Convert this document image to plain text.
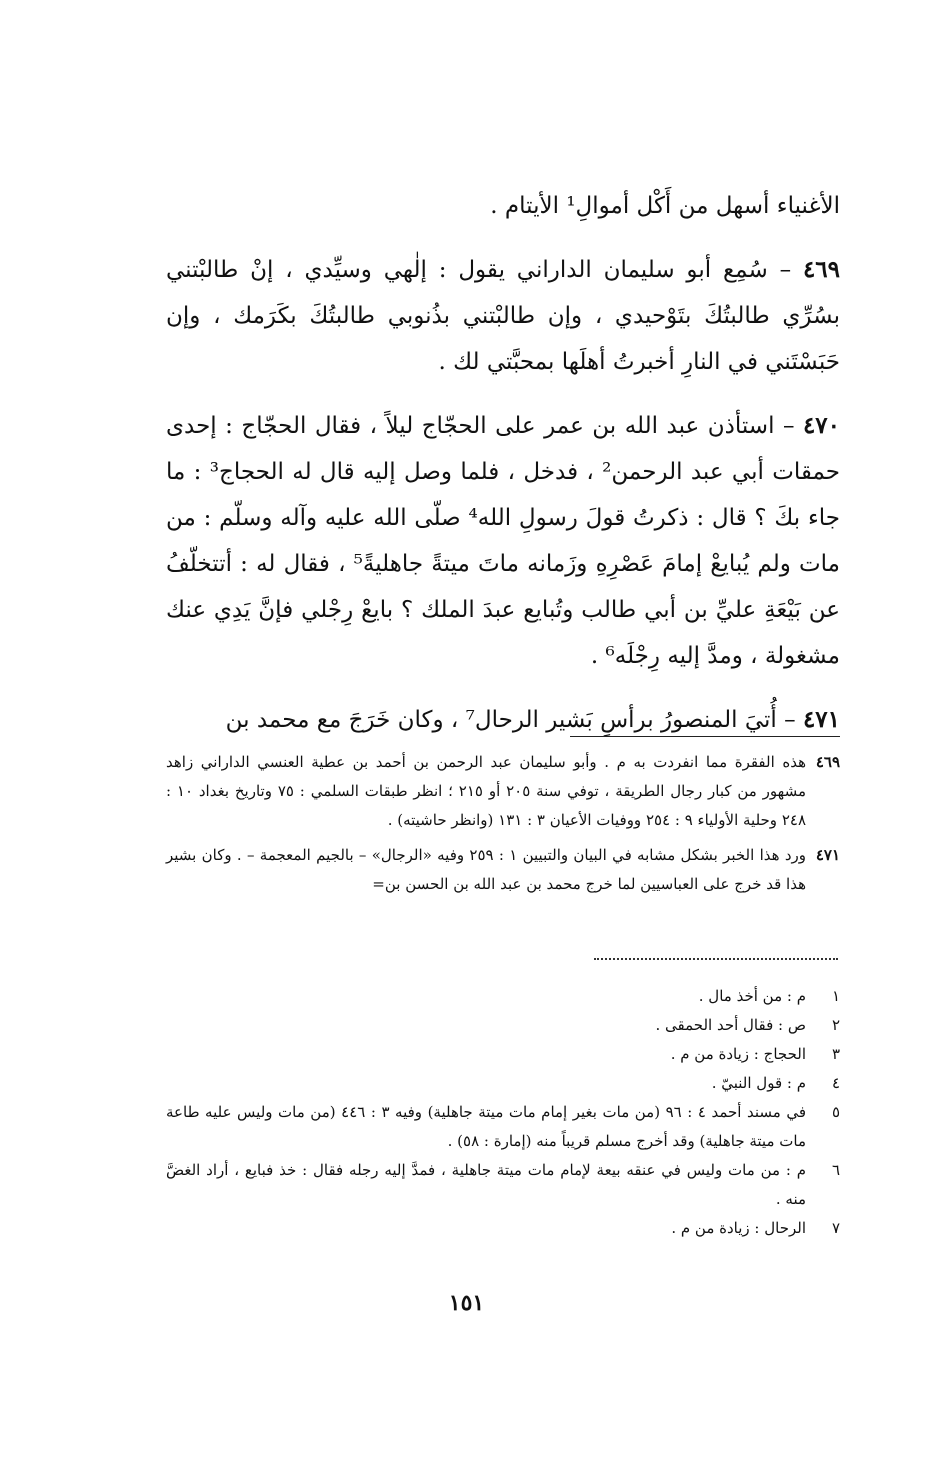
الأغنياء أسهل من أَكْل أموالِ¹ الأيتام .

٤٦٩ – سُمِع أبو سليمان الداراني يقول : إلٰهي وسيِّدي ، إنْ طالبْتني بسُرِّي طالبتُكَ بتَوْحيدي ، وإن طالبْتني بذُنوبي طالبتُكَ بكَرَمك ، وإن حَبَسْتَني في النارِ أخبرتُ أهلَها بمحبَّتي لك .

٤٧٠ – استأذن عبد الله بن عمر على الحجّاج ليلاً ، فقال الحجّاج : إحدى حمقات أبي عبد الرحمن² ، فدخل ، فلما وصل إليه قال له الحجاج³ : ما جاء بكَ ؟ قال : ذكرتُ قولَ رسولِ الله⁴ صلّى الله عليه وآله وسلّم : من مات ولم يُبايعْ إمامَ عَصْرِهِ وزَمانه ماتَ ميتةً جاهليةً⁵ ، فقال له : أتتخلّفُ عن بَيْعَةِ عليِّ بن أبي طالب وتُبايع عبدَ الملك ؟ بايعْ رِجْلي فإنَّ يَدِي عنك مشغولة ، ومدَّ إليه رِجْلَه⁶ .

٤٧١ – أُتيَ المنصورُ برأسِ بَشير الرحال⁷ ، وكان خَرَجَ مع محمد بن

٤٦٩
هذه الفقرة مما انفردت به م . وأبو سليمان عبد الرحمن بن أحمد بن عطية العنسي الداراني زاهد مشهور من كبار رجال الطريقة ، توفي سنة ٢٠٥ أو ٢١٥ ؛ انظر طبقات السلمي : ٧٥ وتاريخ بغداد ١٠ : ٢٤٨ وحلية الأولياء ٩ : ٢٥٤ ووفيات الأعيان ٣ : ١٣١ (وانظر حاشيته) .
٤٧١
ورد هذا الخبر بشكل مشابه في البيان والتبيين ١ : ٢٥٩ وفيه «الرجال» – بالجيم المعجمة – . وكان بشير هذا قد خرج على العباسيين لما خرج محمد بن عبد الله بن الحسن بن=
١
م : من أخذ مال .
٢
ص : فقال أحد الحمقى .
٣
الحجاج : زيادة من م .
٤
م : قول النبيّ .
٥
في مسند أحمد ٤ : ٩٦ (من مات بغير إمام مات ميتة جاهلية) وفيه ٣ : ٤٤٦ (من مات وليس عليه طاعة مات ميتة جاهلية) وقد أخرج مسلم قريباً منه (إمارة : ٥٨) .
٦
م : من مات وليس في عنقه بيعة لإمام مات ميتة جاهلية ، فمدَّ إليه رجله فقال : خذ فبايع ، أراد الغضَّ منه .
٧
الرحال : زيادة من م .
١٥١
